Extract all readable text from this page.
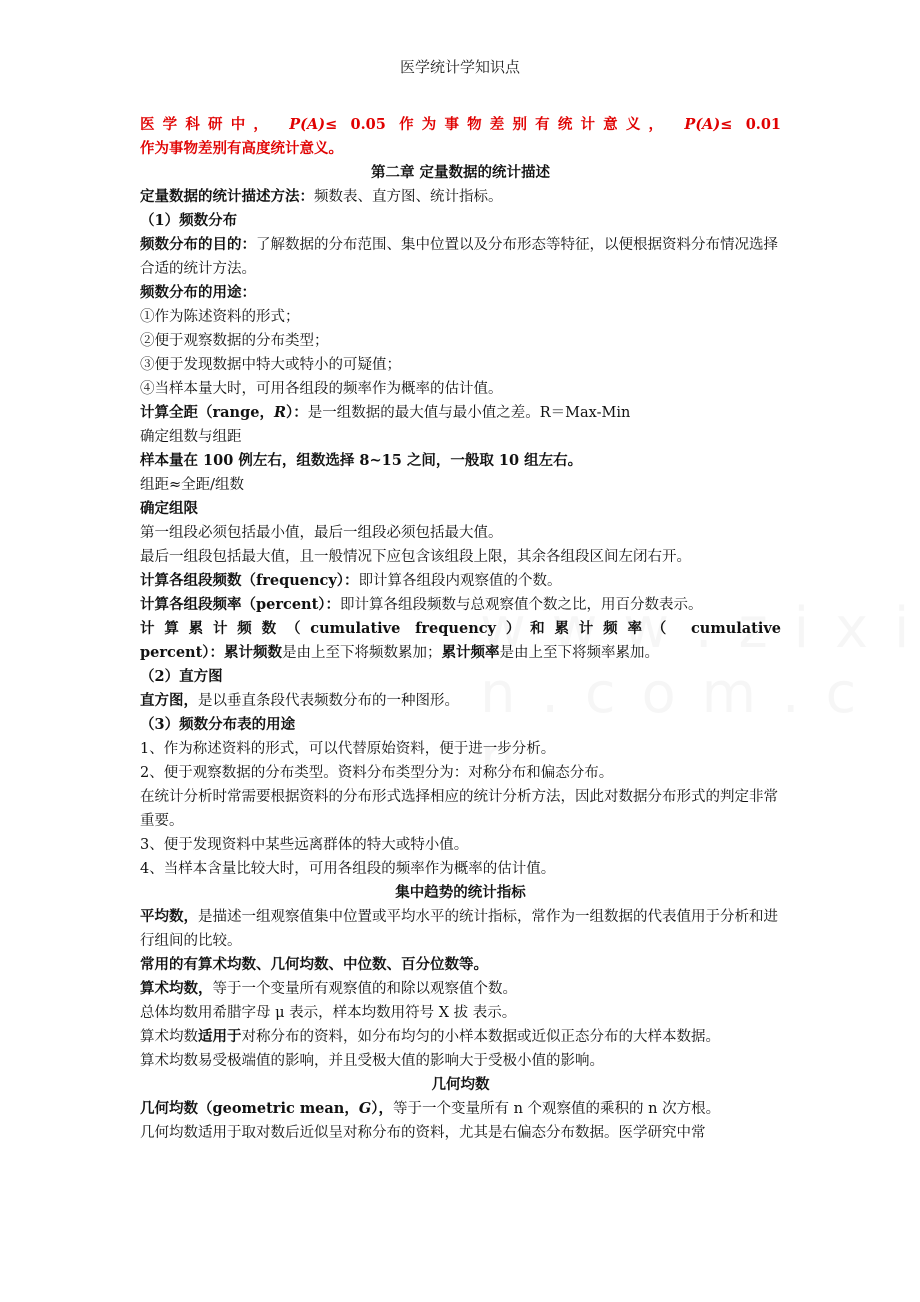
医学统计学知识点

医学科研中， P(A)≤ 0.05 作为事物差别有统计意义， P(A)≤ 0.01

作为事物差别有高度统计意义。

第二章 定量数据的统计描述

定量数据的统计描述方法：频数表、直方图、统计指标。

（1）频数分布

频数分布的目的：了解数据的分布范围、集中位置以及分布形态等特征，以便根据资料分布情况选择合适的统计方法。

频数分布的用途：

①作为陈述资料的形式；

②便于观察数据的分布类型；

③便于发现数据中特大或特小的可疑值；

④当样本量大时，可用各组段的频率作为概率的估计值。

计算全距（range，R）：是一组数据的最大值与最小值之差。R＝Max-Min

确定组数与组距

样本量在 100 例左右，组数选择 8~15 之间，一般取 10 组左右。

组距≈全距/组数

确定组限

第一组段必须包括最小值，最后一组段必须包括最大值。

最后一组段包括最大值，且一般情况下应包含该组段上限，其余各组段区间左闭右开。

计算各组段频数（frequency）：即计算各组段内观察值的个数。

计算各组段频率（percent）：即计算各组段频数与总观察值个数之比，用百分数表示。

计算累计频数（cumulative frequency）和累计频率（ cumulative

percent）：累计频数是由上至下将频数累加；累计频率是由上至下将频率累加。

（2）直方图

直方图，是以垂直条段代表频数分布的一种图形。

（3）频数分布表的用途

1、作为称述资料的形式，可以代替原始资料，便于进一步分析。

2、便于观察数据的分布类型。资料分布类型分为：对称分布和偏态分布。

在统计分析时常需要根据资料的分布形式选择相应的统计分析方法，因此对数据分布形式的判定非常重要。

3、便于发现资料中某些远离群体的特大或特小值。

4、当样本含量比较大时，可用各组段的频率作为概率的估计值。

集中趋势的统计指标

平均数，是描述一组观察值集中位置或平均水平的统计指标，常作为一组数据的代表值用于分析和进行组间的比较。

常用的有算术均数、几何均数、中位数、百分位数等。

算术均数，等于一个变量所有观察值的和除以观察值个数。

总体均数用希腊字母 μ 表示，样本均数用符号 X 拔 表示。

算术均数适用于对称分布的资料，如分布均匀的小样本数据或近似正态分布的大样本数据。

算术均数易受极端值的影响，并且受极大值的影响大于受极小值的影响。

几何均数

几何均数（geometric mean，G），等于一个变量所有 n 个观察值的乘积的 n 次方根。

几何均数适用于取对数后近似呈对称分布的资料，尤其是右偏态分布数据。医学研究中常
